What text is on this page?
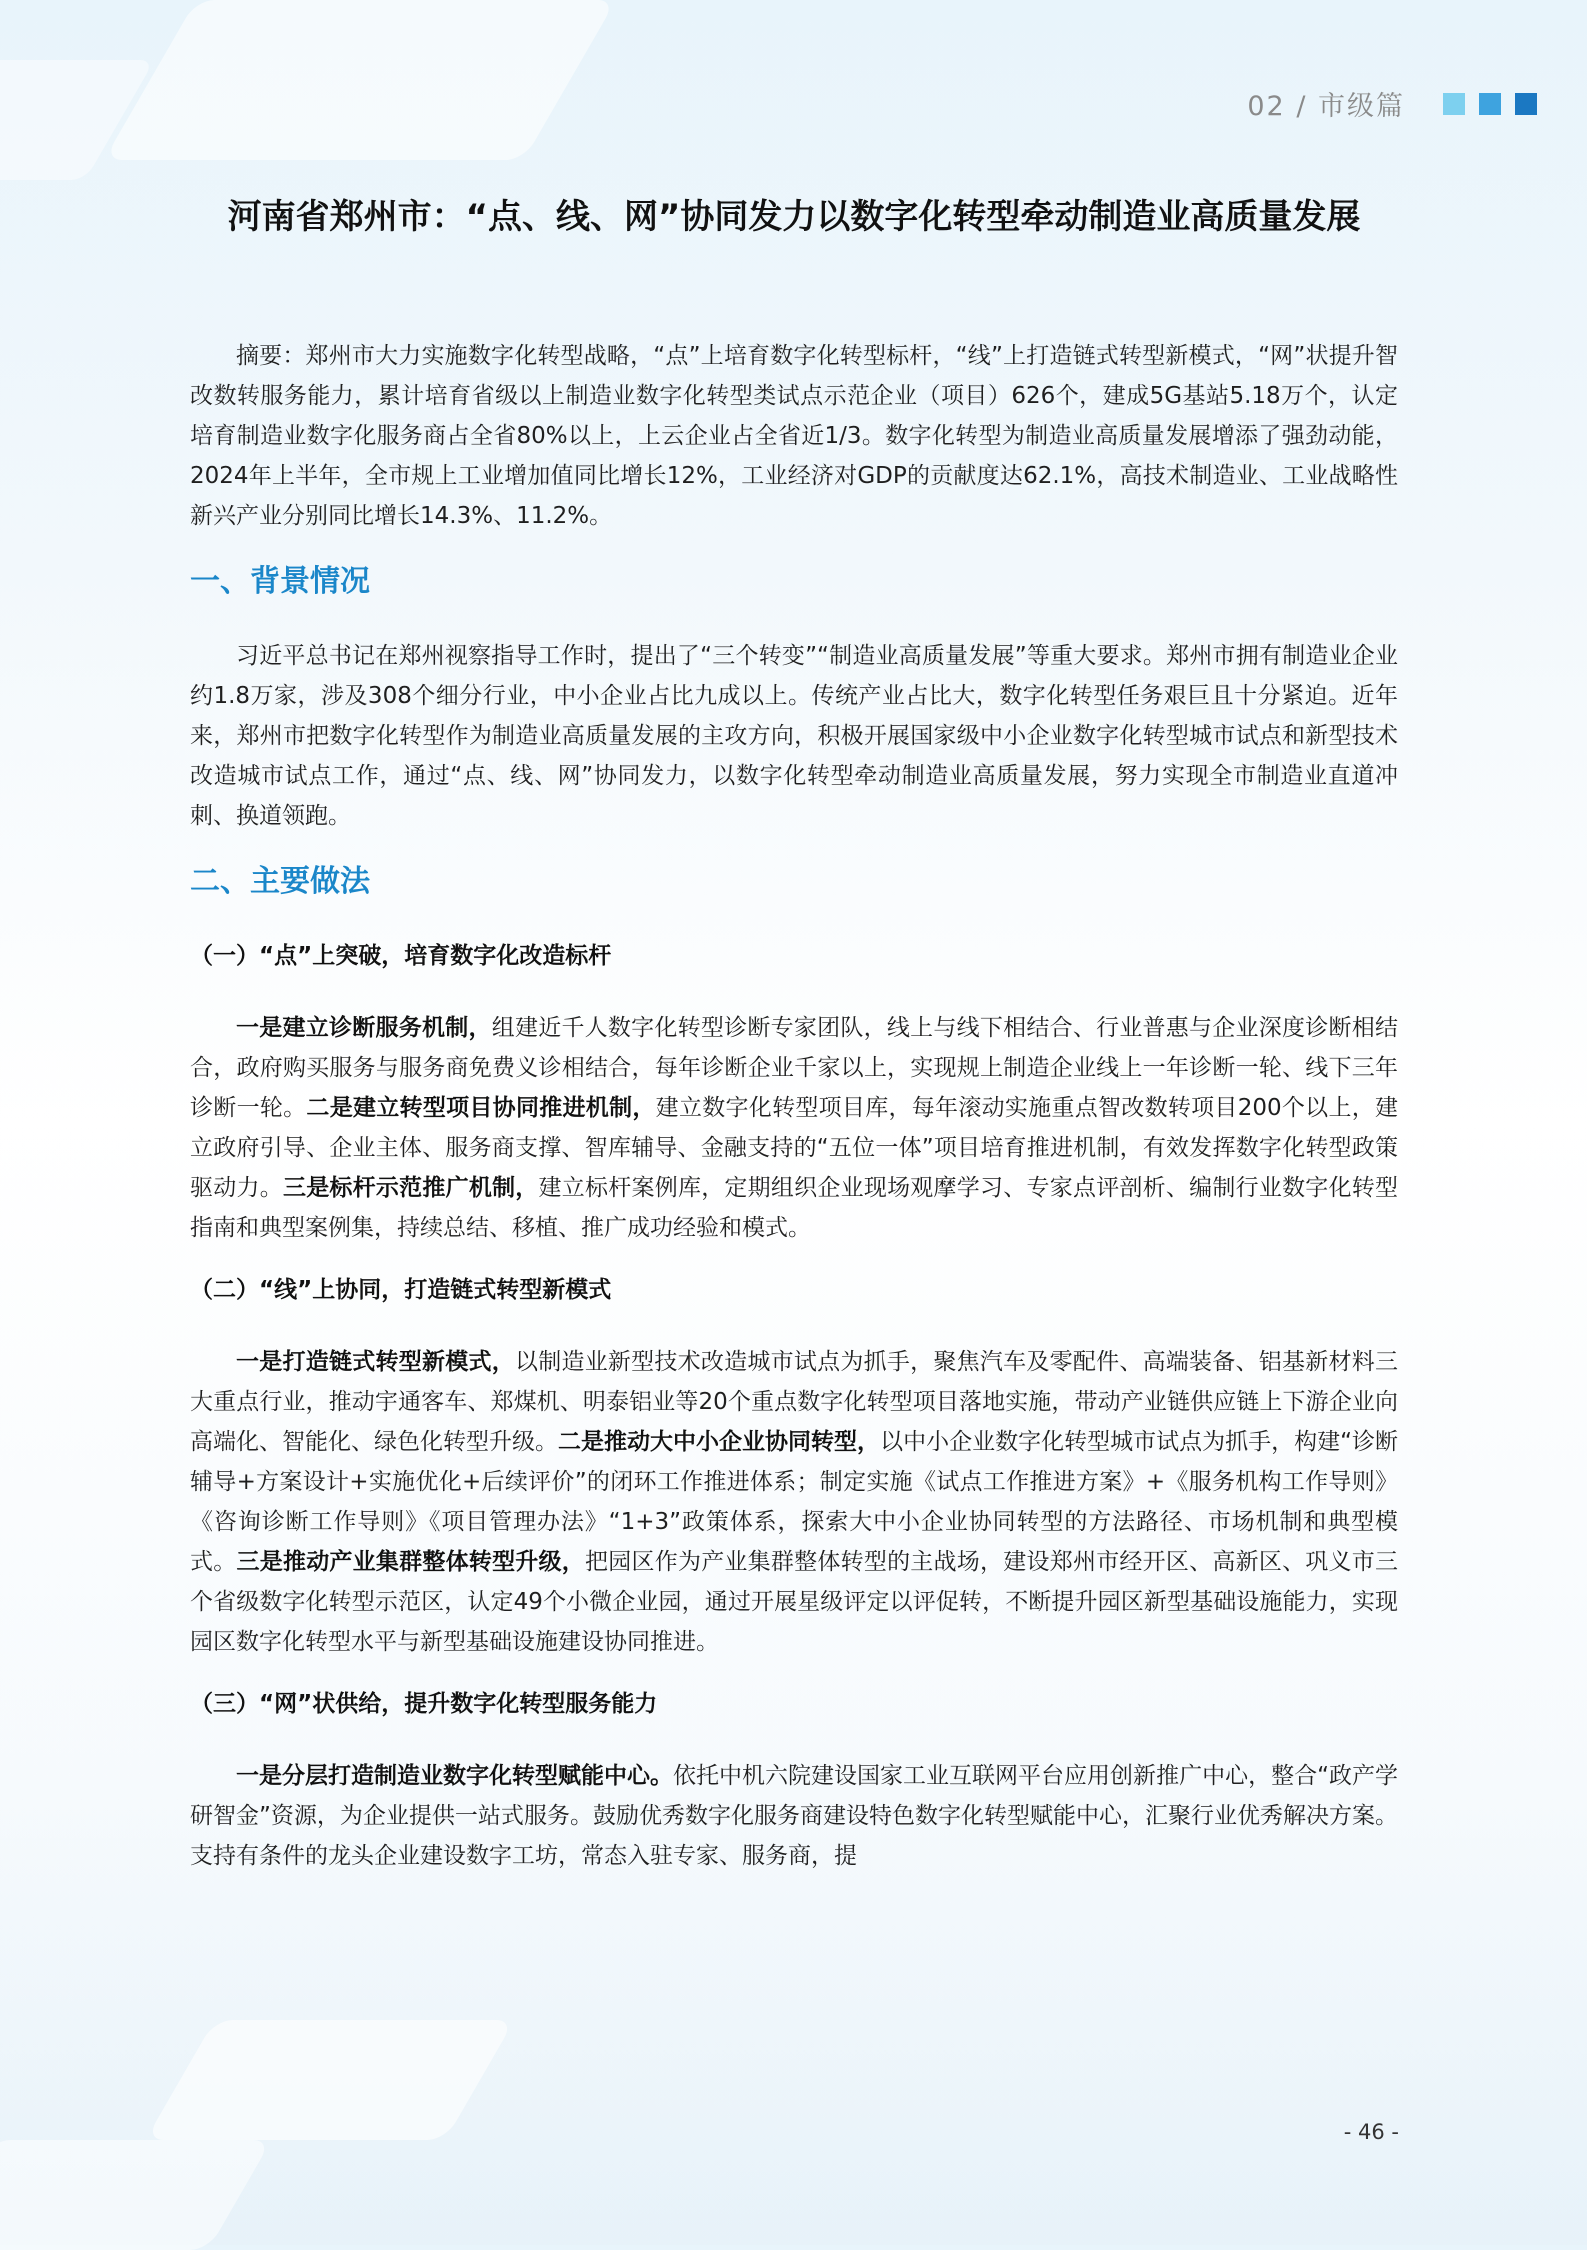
02 / 市级篇
河南省郑州市：“点、线、网”协同发力以数字化转型牵动制造业高质量发展

摘要：郑州市大力实施数字化转型战略，“点”上培育数字化转型标杆，“线”上打造链式转型新模式，“网”状提升智改数转服务能力，累计培育省级以上制造业数字化转型类试点示范企业（项目）626个，建成5G基站5.18万个，认定培育制造业数字化服务商占全省80%以上，上云企业占全省近1/3。数字化转型为制造业高质量发展增添了强劲动能，2024年上半年，全市规上工业增加值同比增长12%，工业经济对GDP的贡献度达62.1%，高技术制造业、工业战略性新兴产业分别同比增长14.3%、11.2%。

一、背景情况

习近平总书记在郑州视察指导工作时，提出了“三个转变”“制造业高质量发展”等重大要求。郑州市拥有制造业企业约1.8万家，涉及308个细分行业，中小企业占比九成以上。传统产业占比大，数字化转型任务艰巨且十分紧迫。近年来，郑州市把数字化转型作为制造业高质量发展的主攻方向，积极开展国家级中小企业数字化转型城市试点和新型技术改造城市试点工作，通过“点、线、网”协同发力，以数字化转型牵动制造业高质量发展，努力实现全市制造业直道冲刺、换道领跑。

二、主要做法
（一）“点”上突破，培育数字化改造标杆

一是建立诊断服务机制，组建近千人数字化转型诊断专家团队，线上与线下相结合、行业普惠与企业深度诊断相结合，政府购买服务与服务商免费义诊相结合，每年诊断企业千家以上，实现规上制造企业线上一年诊断一轮、线下三年诊断一轮。二是建立转型项目协同推进机制，建立数字化转型项目库，每年滚动实施重点智改数转项目200个以上，建立政府引导、企业主体、服务商支撑、智库辅导、金融支持的“五位一体”项目培育推进机制，有效发挥数字化转型政策驱动力。三是标杆示范推广机制，建立标杆案例库，定期组织企业现场观摩学习、专家点评剖析、编制行业数字化转型指南和典型案例集，持续总结、移植、推广成功经验和模式。

（二）“线”上协同，打造链式转型新模式

一是打造链式转型新模式，以制造业新型技术改造城市试点为抓手，聚焦汽车及零配件、高端装备、铝基新材料三大重点行业，推动宇通客车、郑煤机、明泰铝业等20个重点数字化转型项目落地实施，带动产业链供应链上下游企业向高端化、智能化、绿色化转型升级。二是推动大中小企业协同转型，以中小企业数字化转型城市试点为抓手，构建“诊断辅导+方案设计+实施优化+后续评价”的闭环工作推进体系；制定实施《试点工作推进方案》+《服务机构工作导则》《咨询诊断工作导则》《项目管理办法》“1+3”政策体系，探索大中小企业协同转型的方法路径、市场机制和典型模式。三是推动产业集群整体转型升级，把园区作为产业集群整体转型的主战场，建设郑州市经开区、高新区、巩义市三个省级数字化转型示范区，认定49个小微企业园，通过开展星级评定以评促转，不断提升园区新型基础设施能力，实现园区数字化转型水平与新型基础设施建设协同推进。

（三）“网”状供给，提升数字化转型服务能力

一是分层打造制造业数字化转型赋能中心。依托中机六院建设国家工业互联网平台应用创新推广中心，整合“政产学研智金”资源，为企业提供一站式服务。鼓励优秀数字化服务商建设特色数字化转型赋能中心，汇聚行业优秀解决方案。支持有条件的龙头企业建设数字工坊，常态入驻专家、服务商，提

- 46 -
